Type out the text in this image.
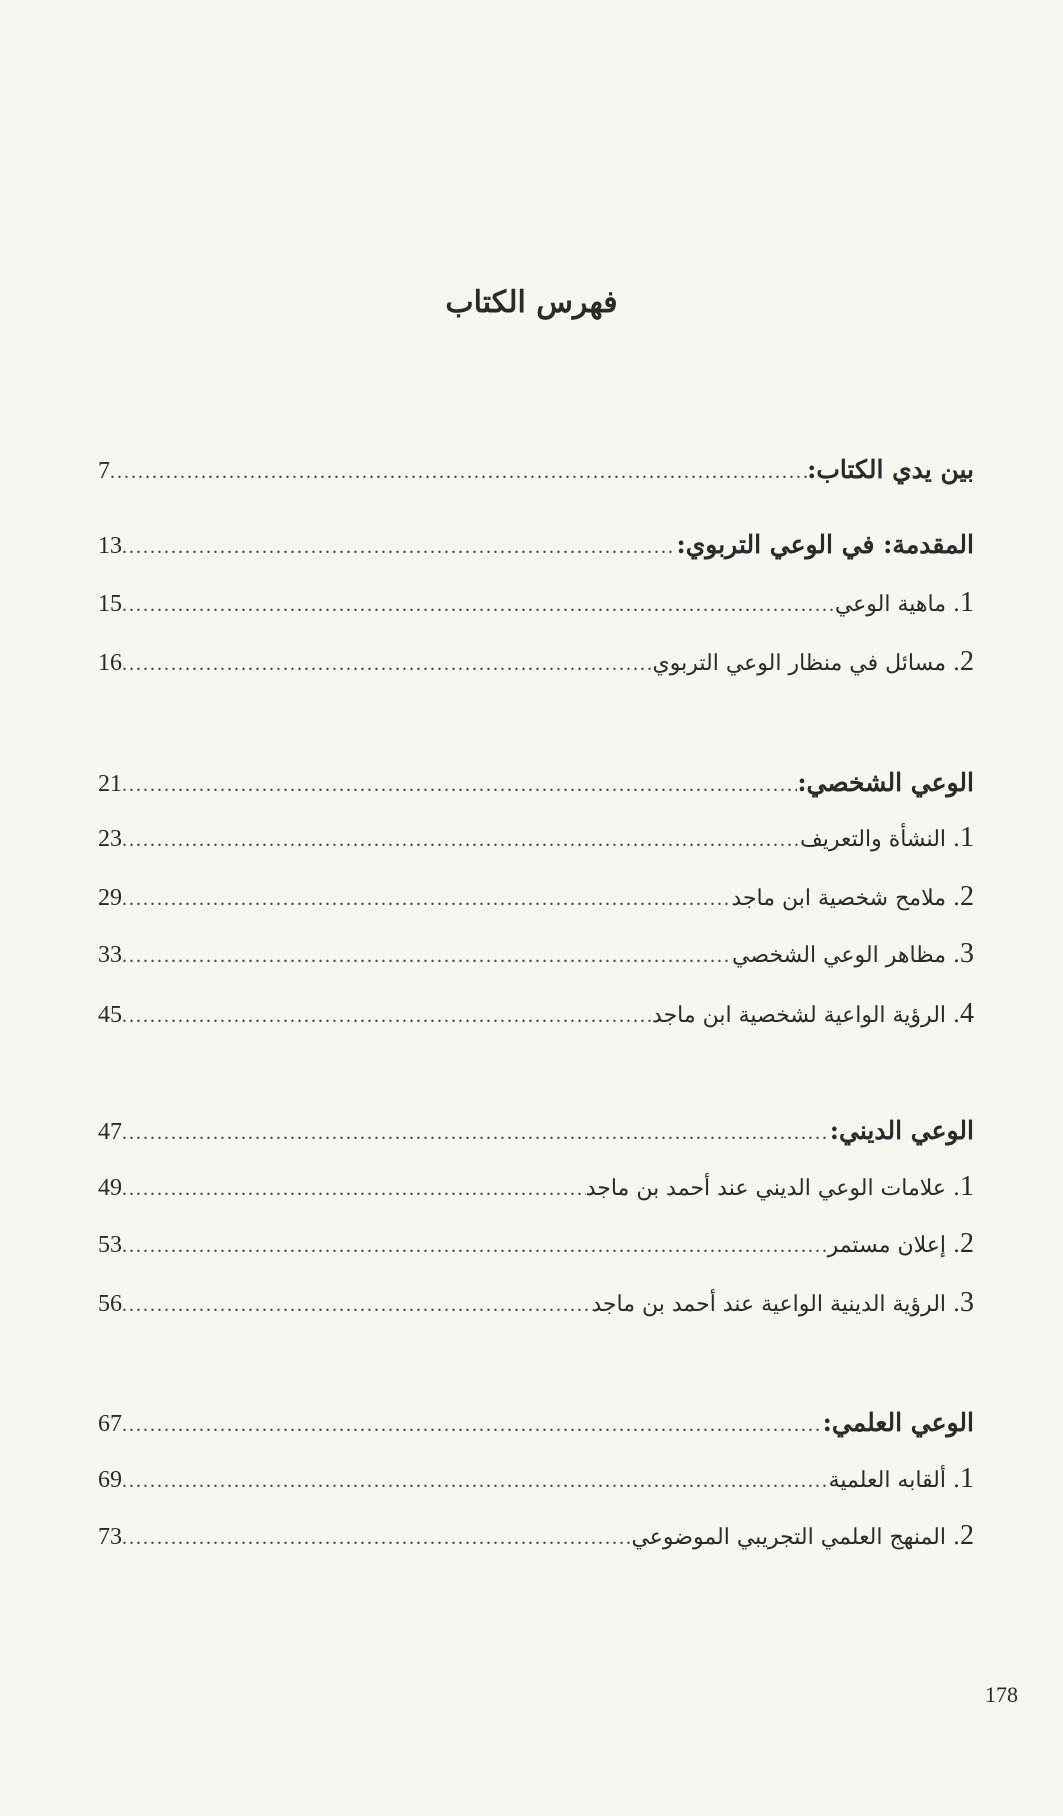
فهرس الكتاب
بين يدي الكتاب:
.....
7
المقدمة: في الوعي التربوي:
.....
13
1. ماهية الوعي
.....
15
2. مسائل في منظار الوعي التربوي
.....
16
الوعي الشخصي:
.....
21
1. النشأة والتعريف
.....
23
2. ملامح شخصية ابن ماجد
.....
29
3. مظاهر الوعي الشخصي
.....
33
4. الرؤية الواعية لشخصية ابن ماجد
.....
45
الوعي الديني:
.....
47
1. علامات الوعي الديني عند أحمد بن ماجد
.....
49
2. إعلان مستمر
.....
53
3. الرؤية الدينية الواعية عند أحمد بن ماجد
.....
56
الوعي العلمي:
.....
67
1. ألقابه العلمية
.....
69
2. المنهج العلمي التجريبي الموضوعي
.....
73
178
